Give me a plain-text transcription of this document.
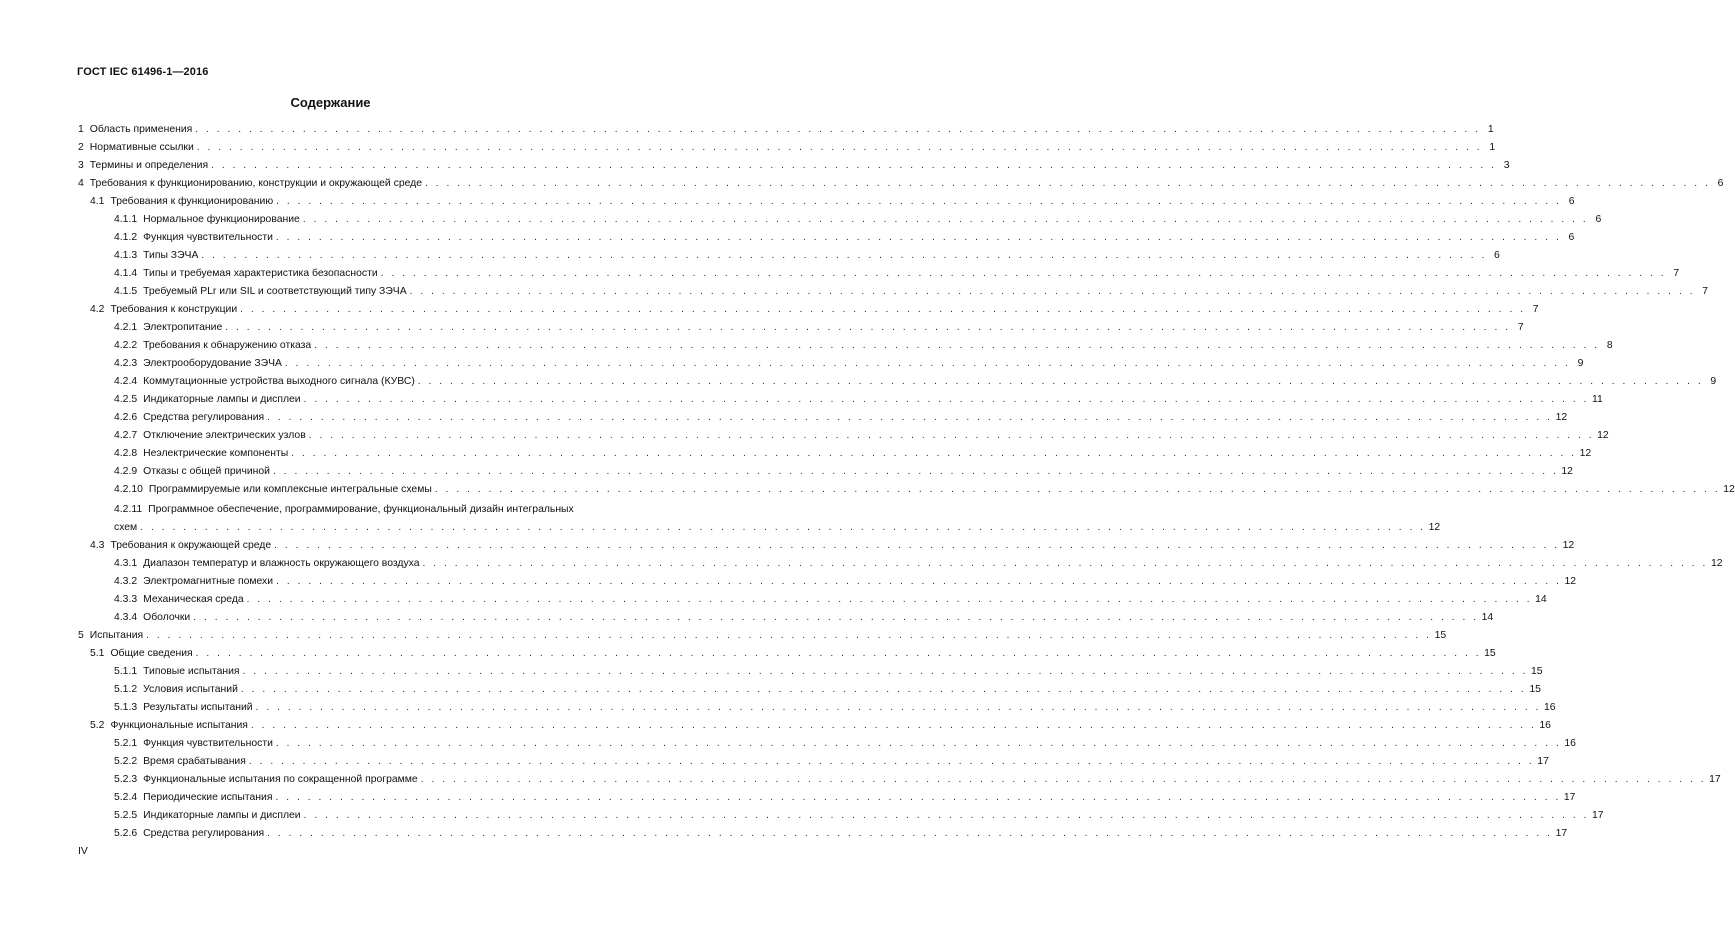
ГОСТ IEC 61496-1—2016
Содержание
1 Область применения . . . . . . . . . . . . . . . . . . . . . . . . . . . . . . . . . . . . . . . . . . . . . . . . . . . . . . . . . . . . . . . . . . . . . . . . . . . . . . . . . . . . . . . . . . . . . . . . . . . . . . . . . . . . . . . . . . . . . . . . 1
2 Нормативные ссылки . . . . . . . . . . . . . . . . . . . . . . . . . . . . . . . . . . . . . . . . . . . . . . . . . . . . . . . . . . . . . . . . . . . . . . . . . . . . . . . . . . . . . . . . . . . . . . . . . . . . . . . . . . . . . . . . . . . . . . . . 1
3 Термины и определения . . . . . . . . . . . . . . . . . . . . . . . . . . . . . . . . . . . . . . . . . . . . . . . . . . . . . . . . . . . . . . . . . . . . . . . . . . . . . . . . . . . . . . . . . . . . . . . . . . . . . . . . . . . . . . . . . . . . . . . . 3
4 Требования к функционированию, конструкции и окружающей среде . . . . . . . . . . . . . . . . . . . . . . . . . . . . . . . . . . . . . . . . . . . . . . . . . . . . . . . . . . . . . . . . . . . . . . . . . . . . . . . . . . . . . . . . . . . . . . . . . . . . . . . . . . . . . . . . . . . . . . . . 6
4.1 Требования к функционированию . . . . . . . . . . . . . . . . . . . . . . . . . . . . . . . . . . . . . . . . . . . . . . . . . . . . . . . . . . . . . . . . . . . . . . . . . . . . . . . . . . . . . . . . . . . . . . . . . . . . . . . . . . . . . . . . . . . . . . . . 6
4.1.1 Нормальное функционирование . . . . . . . . . . . . . . . . . . . . . . . . . . . . . . . . . . . . . . . . . . . . . . . . . . . . . . . . . . . . . . . . . . . . . . . . . . . . . . . . . . . . . . . . . . . . . . . . . . . . . . . . . . . . . . . . . . . . . . . . 6
4.1.2 Функция чувствительности . . . . . . . . . . . . . . . . . . . . . . . . . . . . . . . . . . . . . . . . . . . . . . . . . . . . . . . . . . . . . . . . . . . . . . . . . . . . . . . . . . . . . . . . . . . . . . . . . . . . . . . . . . . . . . . . . . . . . . . . 6
4.1.3 Типы ЗЭЧА . . . . . . . . . . . . . . . . . . . . . . . . . . . . . . . . . . . . . . . . . . . . . . . . . . . . . . . . . . . . . . . . . . . . . . . . . . . . . . . . . . . . . . . . . . . . . . . . . . . . . . . . . . . . . . . . . . . . . . . . 6
4.1.4 Типы и требуемая характеристика безопасности . . . . . . . . . . . . . . . . . . . . . . . . . . . . . . . . . . . . . . . . . . . . . . . . . . . . . . . . . . . . . . . . . . . . . . . . . . . . . . . . . . . . . . . . . . . . . . . . . . . . . . . . . . . . . . . . . . . . . . . . 7
4.1.5 Требуемый PLr или SIL и соответствующий типу ЗЭЧА . . . . . . . . . . . . . . . . . . . . . . . . . . . . . . . . . . . . . . . . . . . . . . . . . . . . . . . . . . . . . . . . . . . . . . . . . . . . . . . . . . . . . . . . . . . . . . . . . . . . . . . . . . . . . . . . . . . . . . . . 7
4.2 Требования к конструкции . . . . . . . . . . . . . . . . . . . . . . . . . . . . . . . . . . . . . . . . . . . . . . . . . . . . . . . . . . . . . . . . . . . . . . . . . . . . . . . . . . . . . . . . . . . . . . . . . . . . . . . . . . . . . . . . . . . . . . . . 7
4.2.1 Электропитание . . . . . . . . . . . . . . . . . . . . . . . . . . . . . . . . . . . . . . . . . . . . . . . . . . . . . . . . . . . . . . . . . . . . . . . . . . . . . . . . . . . . . . . . . . . . . . . . . . . . . . . . . . . . . . . . . . . . . . . . 7
4.2.2 Требования к обнаружению отказа . . . . . . . . . . . . . . . . . . . . . . . . . . . . . . . . . . . . . . . . . . . . . . . . . . . . . . . . . . . . . . . . . . . . . . . . . . . . . . . . . . . . . . . . . . . . . . . . . . . . . . . . . . . . . . . . . . . . . . . . 8
4.2.3 Электрооборудование ЗЭЧА . . . . . . . . . . . . . . . . . . . . . . . . . . . . . . . . . . . . . . . . . . . . . . . . . . . . . . . . . . . . . . . . . . . . . . . . . . . . . . . . . . . . . . . . . . . . . . . . . . . . . . . . . . . . . . . . . . . . . . . . 9
4.2.4 Коммутационные устройства выходного сигнала (КУВС) . . . . . . . . . . . . . . . . . . . . . . . . . . . . . . . . . . . . . . . . . . . . . . . . . . . . . . . . . . . . . . . . . . . . . . . . . . . . . . . . . . . . . . . . . . . . . . . . . . . . . . . . . . . . . . . . . . . . . . . . 9
4.2.5 Индикаторные лампы и дисплеи . . . . . . . . . . . . . . . . . . . . . . . . . . . . . . . . . . . . . . . . . . . . . . . . . . . . . . . . . . . . . . . . . . . . . . . . . . . . . . . . . . . . . . . . . . . . . . . . . . . . . . . . . . . . . . . . . . . . . . . . 11
4.2.6 Средства регулирования . . . . . . . . . . . . . . . . . . . . . . . . . . . . . . . . . . . . . . . . . . . . . . . . . . . . . . . . . . . . . . . . . . . . . . . . . . . . . . . . . . . . . . . . . . . . . . . . . . . . . . . . . . . . . . . . . . . . . . . . 12
4.2.7 Отключение электрических узлов . . . . . . . . . . . . . . . . . . . . . . . . . . . . . . . . . . . . . . . . . . . . . . . . . . . . . . . . . . . . . . . . . . . . . . . . . . . . . . . . . . . . . . . . . . . . . . . . . . . . . . . . . . . . . . . . . . . . . . . . 12
4.2.8 Неэлектрические компоненты . . . . . . . . . . . . . . . . . . . . . . . . . . . . . . . . . . . . . . . . . . . . . . . . . . . . . . . . . . . . . . . . . . . . . . . . . . . . . . . . . . . . . . . . . . . . . . . . . . . . . . . . . . . . . . . . . . . . . . . . 12
4.2.9 Отказы с общей причиной . . . . . . . . . . . . . . . . . . . . . . . . . . . . . . . . . . . . . . . . . . . . . . . . . . . . . . . . . . . . . . . . . . . . . . . . . . . . . . . . . . . . . . . . . . . . . . . . . . . . . . . . . . . . . . . . . . . . . . . . 12
4.2.10 Программируемые или комплексные интегральные схемы . . . . . . . . . . . . . . . . . . . . . . . . . . . . . . . . . . . . . . . . . . . . . . . . . . . . . . . . . . . . . . . . . . . . . . . . . . . . . . . . . . . . . . . . . . . . . . . . . . . . . . . . . . . . . . . . . . . . . . . . 12
4.2.11 Программное обеспечение, программирование, функциональный дизайн интегральных
схем . . . . . . . . . . . . . . . . . . . . . . . . . . . . . . . . . . . . . . . . . . . . . . . . . . . . . . . . . . . . . . . . . . . . . . . . . . . . . . . . . . . . . . . . . . . . . . . . . . . . . . . . . . . . . . . . . . . . . . . . 12
4.3 Требования к окружающей среде . . . . . . . . . . . . . . . . . . . . . . . . . . . . . . . . . . . . . . . . . . . . . . . . . . . . . . . . . . . . . . . . . . . . . . . . . . . . . . . . . . . . . . . . . . . . . . . . . . . . . . . . . . . . . . . . . . . . . . . . 12
4.3.1 Диапазон температур и влажность окружающего воздуха . . . . . . . . . . . . . . . . . . . . . . . . . . . . . . . . . . . . . . . . . . . . . . . . . . . . . . . . . . . . . . . . . . . . . . . . . . . . . . . . . . . . . . . . . . . . . . . . . . . . . . . . . . . . . . . . . . . . . . . . 12
4.3.2 Электромагнитные помехи . . . . . . . . . . . . . . . . . . . . . . . . . . . . . . . . . . . . . . . . . . . . . . . . . . . . . . . . . . . . . . . . . . . . . . . . . . . . . . . . . . . . . . . . . . . . . . . . . . . . . . . . . . . . . . . . . . . . . . . . 12
4.3.3 Механическая среда . . . . . . . . . . . . . . . . . . . . . . . . . . . . . . . . . . . . . . . . . . . . . . . . . . . . . . . . . . . . . . . . . . . . . . . . . . . . . . . . . . . . . . . . . . . . . . . . . . . . . . . . . . . . . . . . . . . . . . . . 14
4.3.4 Оболочки . . . . . . . . . . . . . . . . . . . . . . . . . . . . . . . . . . . . . . . . . . . . . . . . . . . . . . . . . . . . . . . . . . . . . . . . . . . . . . . . . . . . . . . . . . . . . . . . . . . . . . . . . . . . . . . . . . . . . . . . 14
5 Испытания . . . . . . . . . . . . . . . . . . . . . . . . . . . . . . . . . . . . . . . . . . . . . . . . . . . . . . . . . . . . . . . . . . . . . . . . . . . . . . . . . . . . . . . . . . . . . . . . . . . . . . . . . . . . . . . . . . . . . . . . 15
5.1 Общие сведения . . . . . . . . . . . . . . . . . . . . . . . . . . . . . . . . . . . . . . . . . . . . . . . . . . . . . . . . . . . . . . . . . . . . . . . . . . . . . . . . . . . . . . . . . . . . . . . . . . . . . . . . . . . . . . . . . . . . . . . . 15
5.1.1 Типовые испытания . . . . . . . . . . . . . . . . . . . . . . . . . . . . . . . . . . . . . . . . . . . . . . . . . . . . . . . . . . . . . . . . . . . . . . . . . . . . . . . . . . . . . . . . . . . . . . . . . . . . . . . . . . . . . . . . . . . . . . . . 15
5.1.2 Условия испытаний . . . . . . . . . . . . . . . . . . . . . . . . . . . . . . . . . . . . . . . . . . . . . . . . . . . . . . . . . . . . . . . . . . . . . . . . . . . . . . . . . . . . . . . . . . . . . . . . . . . . . . . . . . . . . . . . . . . . . . . . 15
5.1.3 Результаты испытаний . . . . . . . . . . . . . . . . . . . . . . . . . . . . . . . . . . . . . . . . . . . . . . . . . . . . . . . . . . . . . . . . . . . . . . . . . . . . . . . . . . . . . . . . . . . . . . . . . . . . . . . . . . . . . . . . . . . . . . . . 16
5.2 Функциональные испытания . . . . . . . . . . . . . . . . . . . . . . . . . . . . . . . . . . . . . . . . . . . . . . . . . . . . . . . . . . . . . . . . . . . . . . . . . . . . . . . . . . . . . . . . . . . . . . . . . . . . . . . . . . . . . . . . . . . . . . . . 16
5.2.1 Функция чувствительности . . . . . . . . . . . . . . . . . . . . . . . . . . . . . . . . . . . . . . . . . . . . . . . . . . . . . . . . . . . . . . . . . . . . . . . . . . . . . . . . . . . . . . . . . . . . . . . . . . . . . . . . . . . . . . . . . . . . . . . . 16
5.2.2 Время срабатывания . . . . . . . . . . . . . . . . . . . . . . . . . . . . . . . . . . . . . . . . . . . . . . . . . . . . . . . . . . . . . . . . . . . . . . . . . . . . . . . . . . . . . . . . . . . . . . . . . . . . . . . . . . . . . . . . . . . . . . . . 17
5.2.3 Функциональные испытания по сокращенной программе . . . . . . . . . . . . . . . . . . . . . . . . . . . . . . . . . . . . . . . . . . . . . . . . . . . . . . . . . . . . . . . . . . . . . . . . . . . . . . . . . . . . . . . . . . . . . . . . . . . . . . . . . . . . . . . . . . . . . . . . 17
5.2.4 Периодические испытания . . . . . . . . . . . . . . . . . . . . . . . . . . . . . . . . . . . . . . . . . . . . . . . . . . . . . . . . . . . . . . . . . . . . . . . . . . . . . . . . . . . . . . . . . . . . . . . . . . . . . . . . . . . . . . . . . . . . . . . . 17
5.2.5 Индикаторные лампы и дисплеи . . . . . . . . . . . . . . . . . . . . . . . . . . . . . . . . . . . . . . . . . . . . . . . . . . . . . . . . . . . . . . . . . . . . . . . . . . . . . . . . . . . . . . . . . . . . . . . . . . . . . . . . . . . . . . . . . . . . . . . . 17
5.2.6 Средства регулирования . . . . . . . . . . . . . . . . . . . . . . . . . . . . . . . . . . . . . . . . . . . . . . . . . . . . . . . . . . . . . . . . . . . . . . . . . . . . . . . . . . . . . . . . . . . . . . . . . . . . . . . . . . . . . . . . . . . . . . . . 17
IV
